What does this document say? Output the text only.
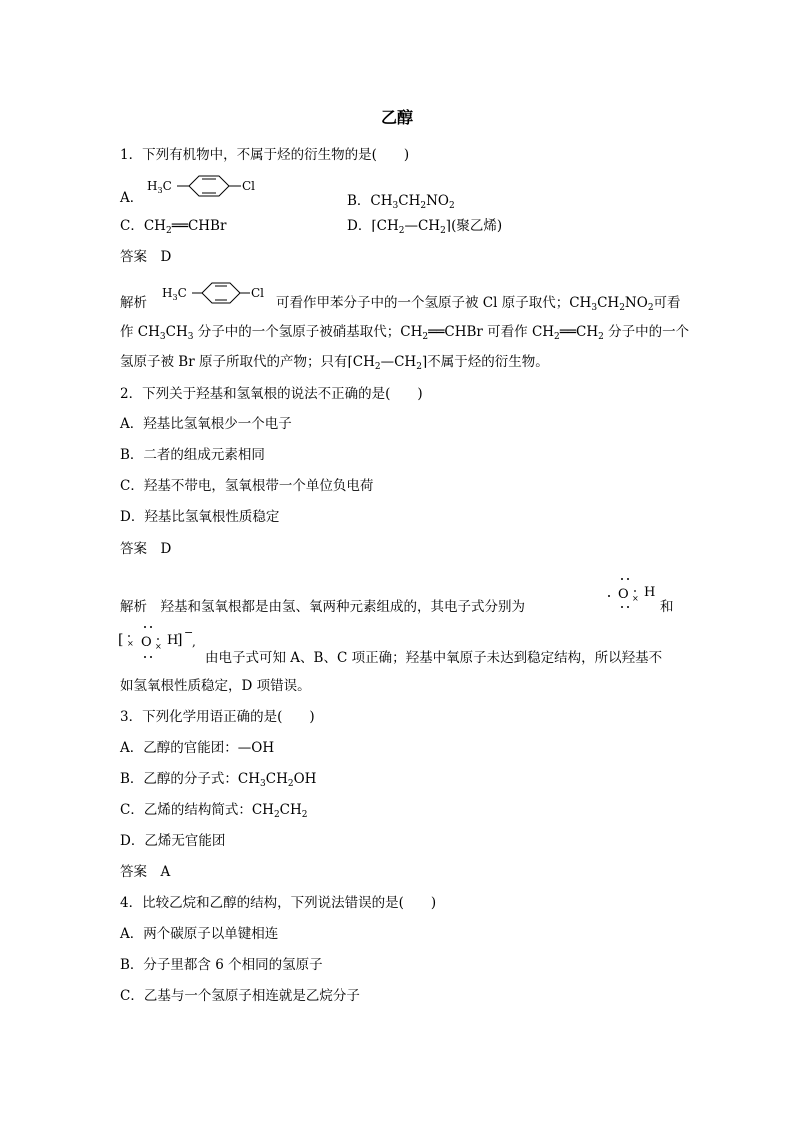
乙醇
1．下列有机物中，不属于烃的衍生物的是(　　)
A．
$H_3C$	Cl
B．$CH_3CH_2NO_2$
C．$CH_2══CHBr$	D．$⌈CH_2—CH_2⌉$(聚乙烯)
答案　D
解析
$H_3C$	Cl
可看作甲苯分子中的一个氢原子被 Cl 原子取代；$CH_3CH_2NO_2$可看
作 $CH_3CH_3$ 分子中的一个氢原子被硝基取代；$CH_2══CHBr$ 可看作 $CH_2══CH_2$ 分子中的一个
氢原子被 Br 原子所取代的产物；只有$⌈CH_2—CH_2⌉$不属于烃的衍生物。
2．下列关于羟基和氢氧根的说法不正确的是(　　)
A．羟基比氢氧根少一个电子
B．二者的组成元素相同
C．羟基不带电，氢氧根带一个单位负电荷
D．羟基比氢氧根性质稳定
答案　D
解析　羟基和氢氧根都是由氢、氧两种元素组成的，其电子式分别为
O × H
和
[ × O × H
] −
,
由电子式可知 A、B、C 项正确；羟基中氧原子未达到稳定结构，所以羟基不
如氢氧根性质稳定，D 项错误。
3．下列化学用语正确的是(　　)
A．乙醇的官能团：—OH
B．乙醇的分子式：$CH_3CH_2OH$
C．乙烯的结构简式：$CH_2CH_2$
D．乙烯无官能团
答案　A
4．比较乙烷和乙醇的结构，下列说法错误的是(　　)
A．两个碳原子以单键相连
B．分子里都含 6 个相同的氢原子
C．乙基与一个氢原子相连就是乙烷分子
